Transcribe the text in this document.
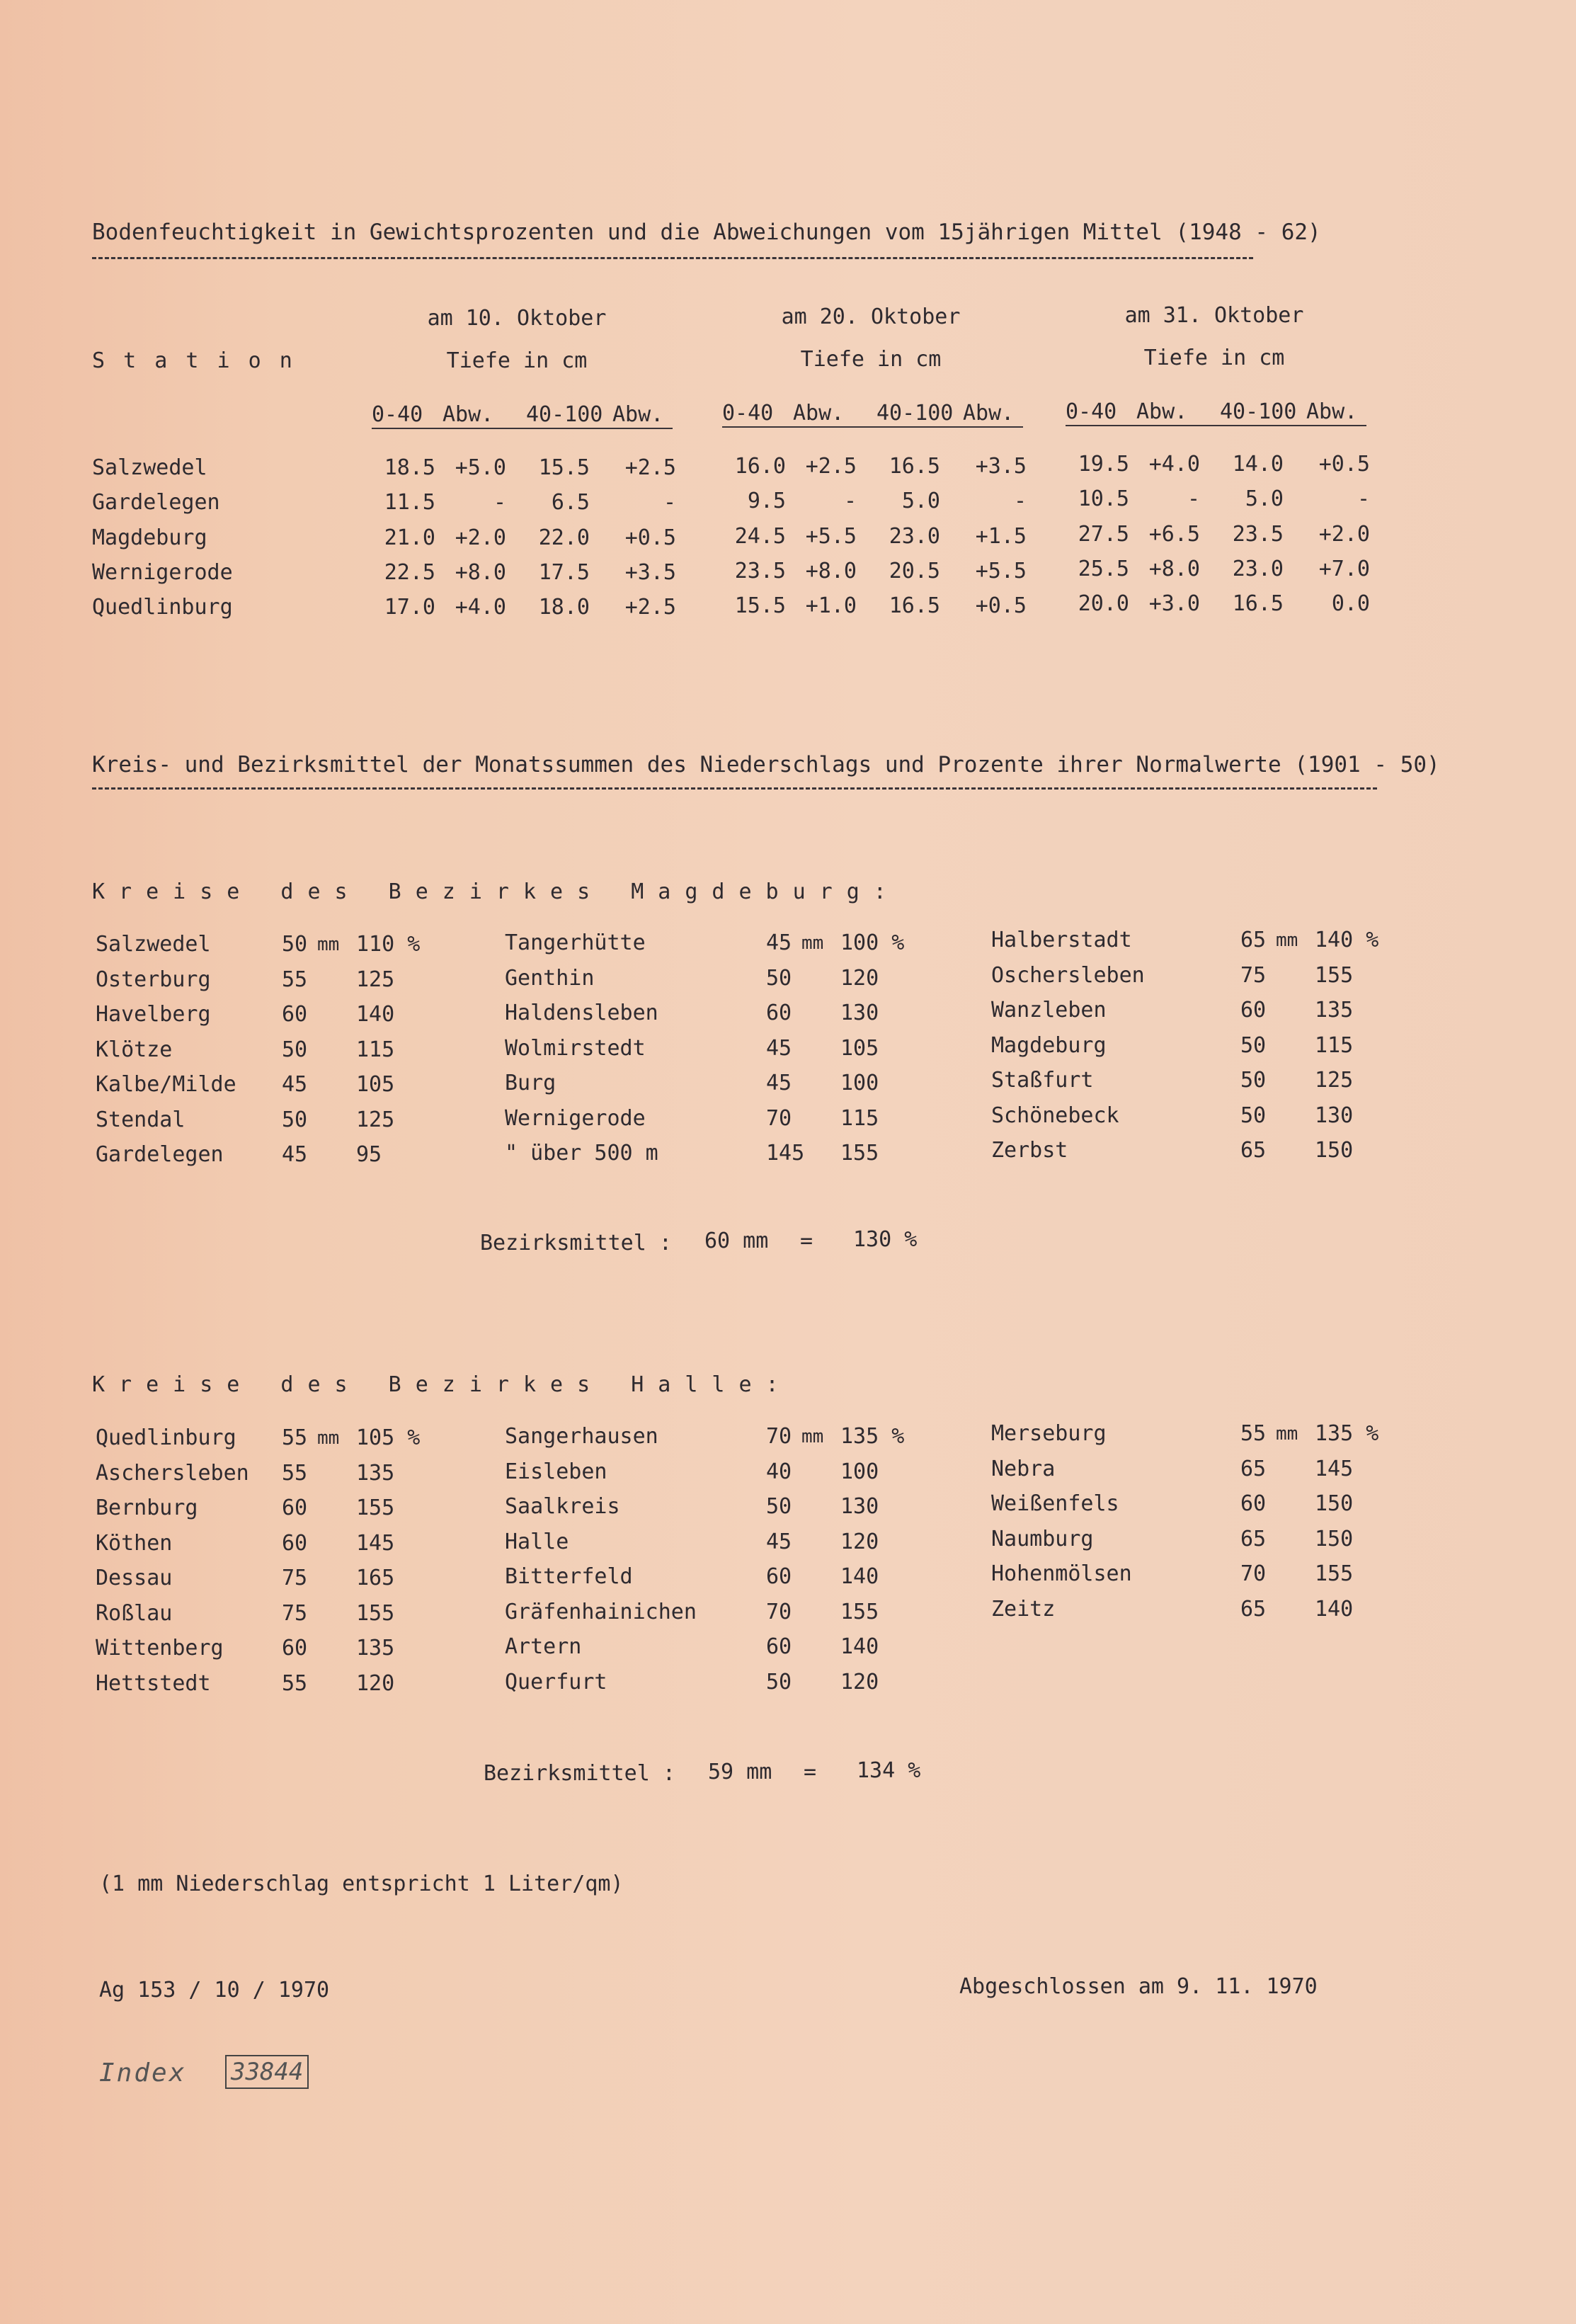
Bodenfeuchtigkeit in Gewichtsprozenten und die Abweichungen vom 15jährigen Mittel (1948 - 62)
S t a t i o n
am 10. Oktober	am 20. Oktober	am 31. Oktober
Tiefe in cm	Tiefe in cm	Tiefe in cm
0-40 Abw. 40-100 Abw.	0-40 Abw. 40-100 Abw. 0-40 Abw. 40-100 Abw.
Salzwedel	18.5 +5.0	15.5	+2.5	16.0 +2.5	16.5	+3.5	19.5 +4.0	14.0	+0.5
Gardelegen	11.5	-	6.5	-	9.5	-	5.0	-	10.5	-	5.0	-
Magdeburg	21.0 +2.0	22.0	+0.5	24.5 +5.5	23.0	+1.5	27.5 +6.5	23.5	+2.0
Wernigerode	22.5 +8.0	17.5	+3.5	23.5 +8.0	20.5	+5.5	25.5 +8.0	23.0	+7.0
Quedlinburg	17.0 +4.0	18.0	+2.5	15.5 +1.0	16.5	+0.5	20.0 +3.0	16.5	0.0
Kreis- und Bezirksmittel der Monatssummen des Niederschlags und Prozente ihrer Normalwerte (1901 - 50)
Kreise des Bezirkes Magdeburg:
Salzwedel	50 mm 110 %
Osterburg	55	125
Havelberg	60	140
Klötze	50	115
Kalbe/Milde 45	105
Stendal	50	125
Gardelegen	45	95
Tangerhütte	45 mm 100 %
Genthin	50	120
Haldensleben	60	130
Wolmirstedt	45	105
Burg	45	100
Wernigerode	70	115
" über 500 m	145 155
Halberstadt	65 mm 140 %
Oschersleben	75	155
Wanzleben	60	135
Magdeburg	50	115
Staßfurt	50	125
Schönebeck	50	130
Zerbst	65	150
Bezirksmittel : 60 mm = 130 %
Kreise des Bezirkes Halle:
Quedlinburg 55 mm 105 %
Aschersleben 55	135
Bernburg	60	155
Köthen	60	145
Dessau	75	165
Roßlau	75	155
Wittenberg	60	135
Hettstedt	55	120
Sangerhausen	70 mm 135 %
Eisleben	40	100
Saalkreis	50	130
Halle	45	120
Bitterfeld	60	140
Gräfenhainichen	70	155
Artern	60	140
Querfurt	50	120
Merseburg	55 mm 135 %
Nebra	65	145
Weißenfels	60	150
Naumburg	65	150
Hohenmölsen	70	155
Zeitz	65	140
Bezirksmittel : 59 mm = 134 %
(1 mm Niederschlag entspricht 1 Liter/qm)
Ag 153 / 10 / 1970	Abgeschlossen am 9. 11. 1970
Index 33844
